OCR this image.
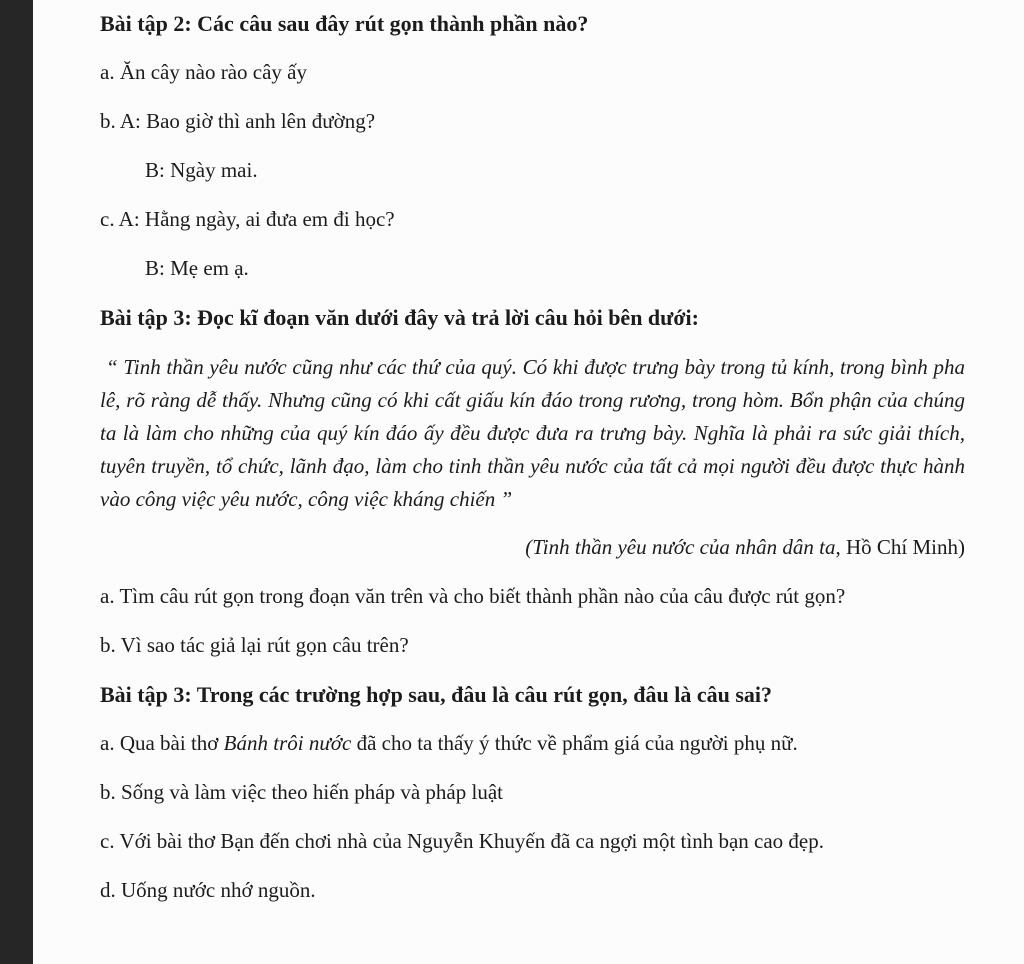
Bài tập 2: Các câu sau đây rút gọn thành phần nào?

a. Ăn cây nào rào cây ấy

b. A: Bao giờ thì anh lên đường?

B: Ngày mai.

c. A: Hằng ngày, ai đưa em đi học?

B: Mẹ em ạ.

Bài tập 3: Đọc kĩ đoạn văn dưới đây và trả lời câu hỏi bên dưới:

“ Tinh thần yêu nước cũng như các thứ của quý. Có khi được trưng bày trong tủ kính, trong bình pha lê, rõ ràng dễ thấy. Nhưng cũng có khi cất giấu kín đáo trong rương, trong hòm. Bổn phận của chúng ta là làm cho những của quý kín đáo ấy đều được đưa ra trưng bày. Nghĩa là phải ra sức giải thích, tuyên truyền, tổ chức, lãnh đạo, làm cho tinh thần yêu nước của tất cả mọi người đều được thực hành vào công việc yêu nước, công việc kháng chiến ”

(Tinh thần yêu nước của nhân dân ta, Hồ Chí Minh)

a. Tìm câu rút gọn trong đoạn văn trên và cho biết thành phần nào của câu được rút gọn?

b. Vì sao tác giả lại rút gọn câu trên?

Bài tập 3: Trong các trường hợp sau, đâu là câu rút gọn, đâu là câu sai?

a. Qua bài thơ Bánh trôi nước đã cho ta thấy ý thức về phẩm giá của người phụ nữ.

b. Sống và làm việc theo hiến pháp và pháp luật

c. Với bài thơ Bạn đến chơi nhà của Nguyễn Khuyến đã ca ngợi một tình bạn cao đẹp.

d. Uống nước nhớ nguồn.
